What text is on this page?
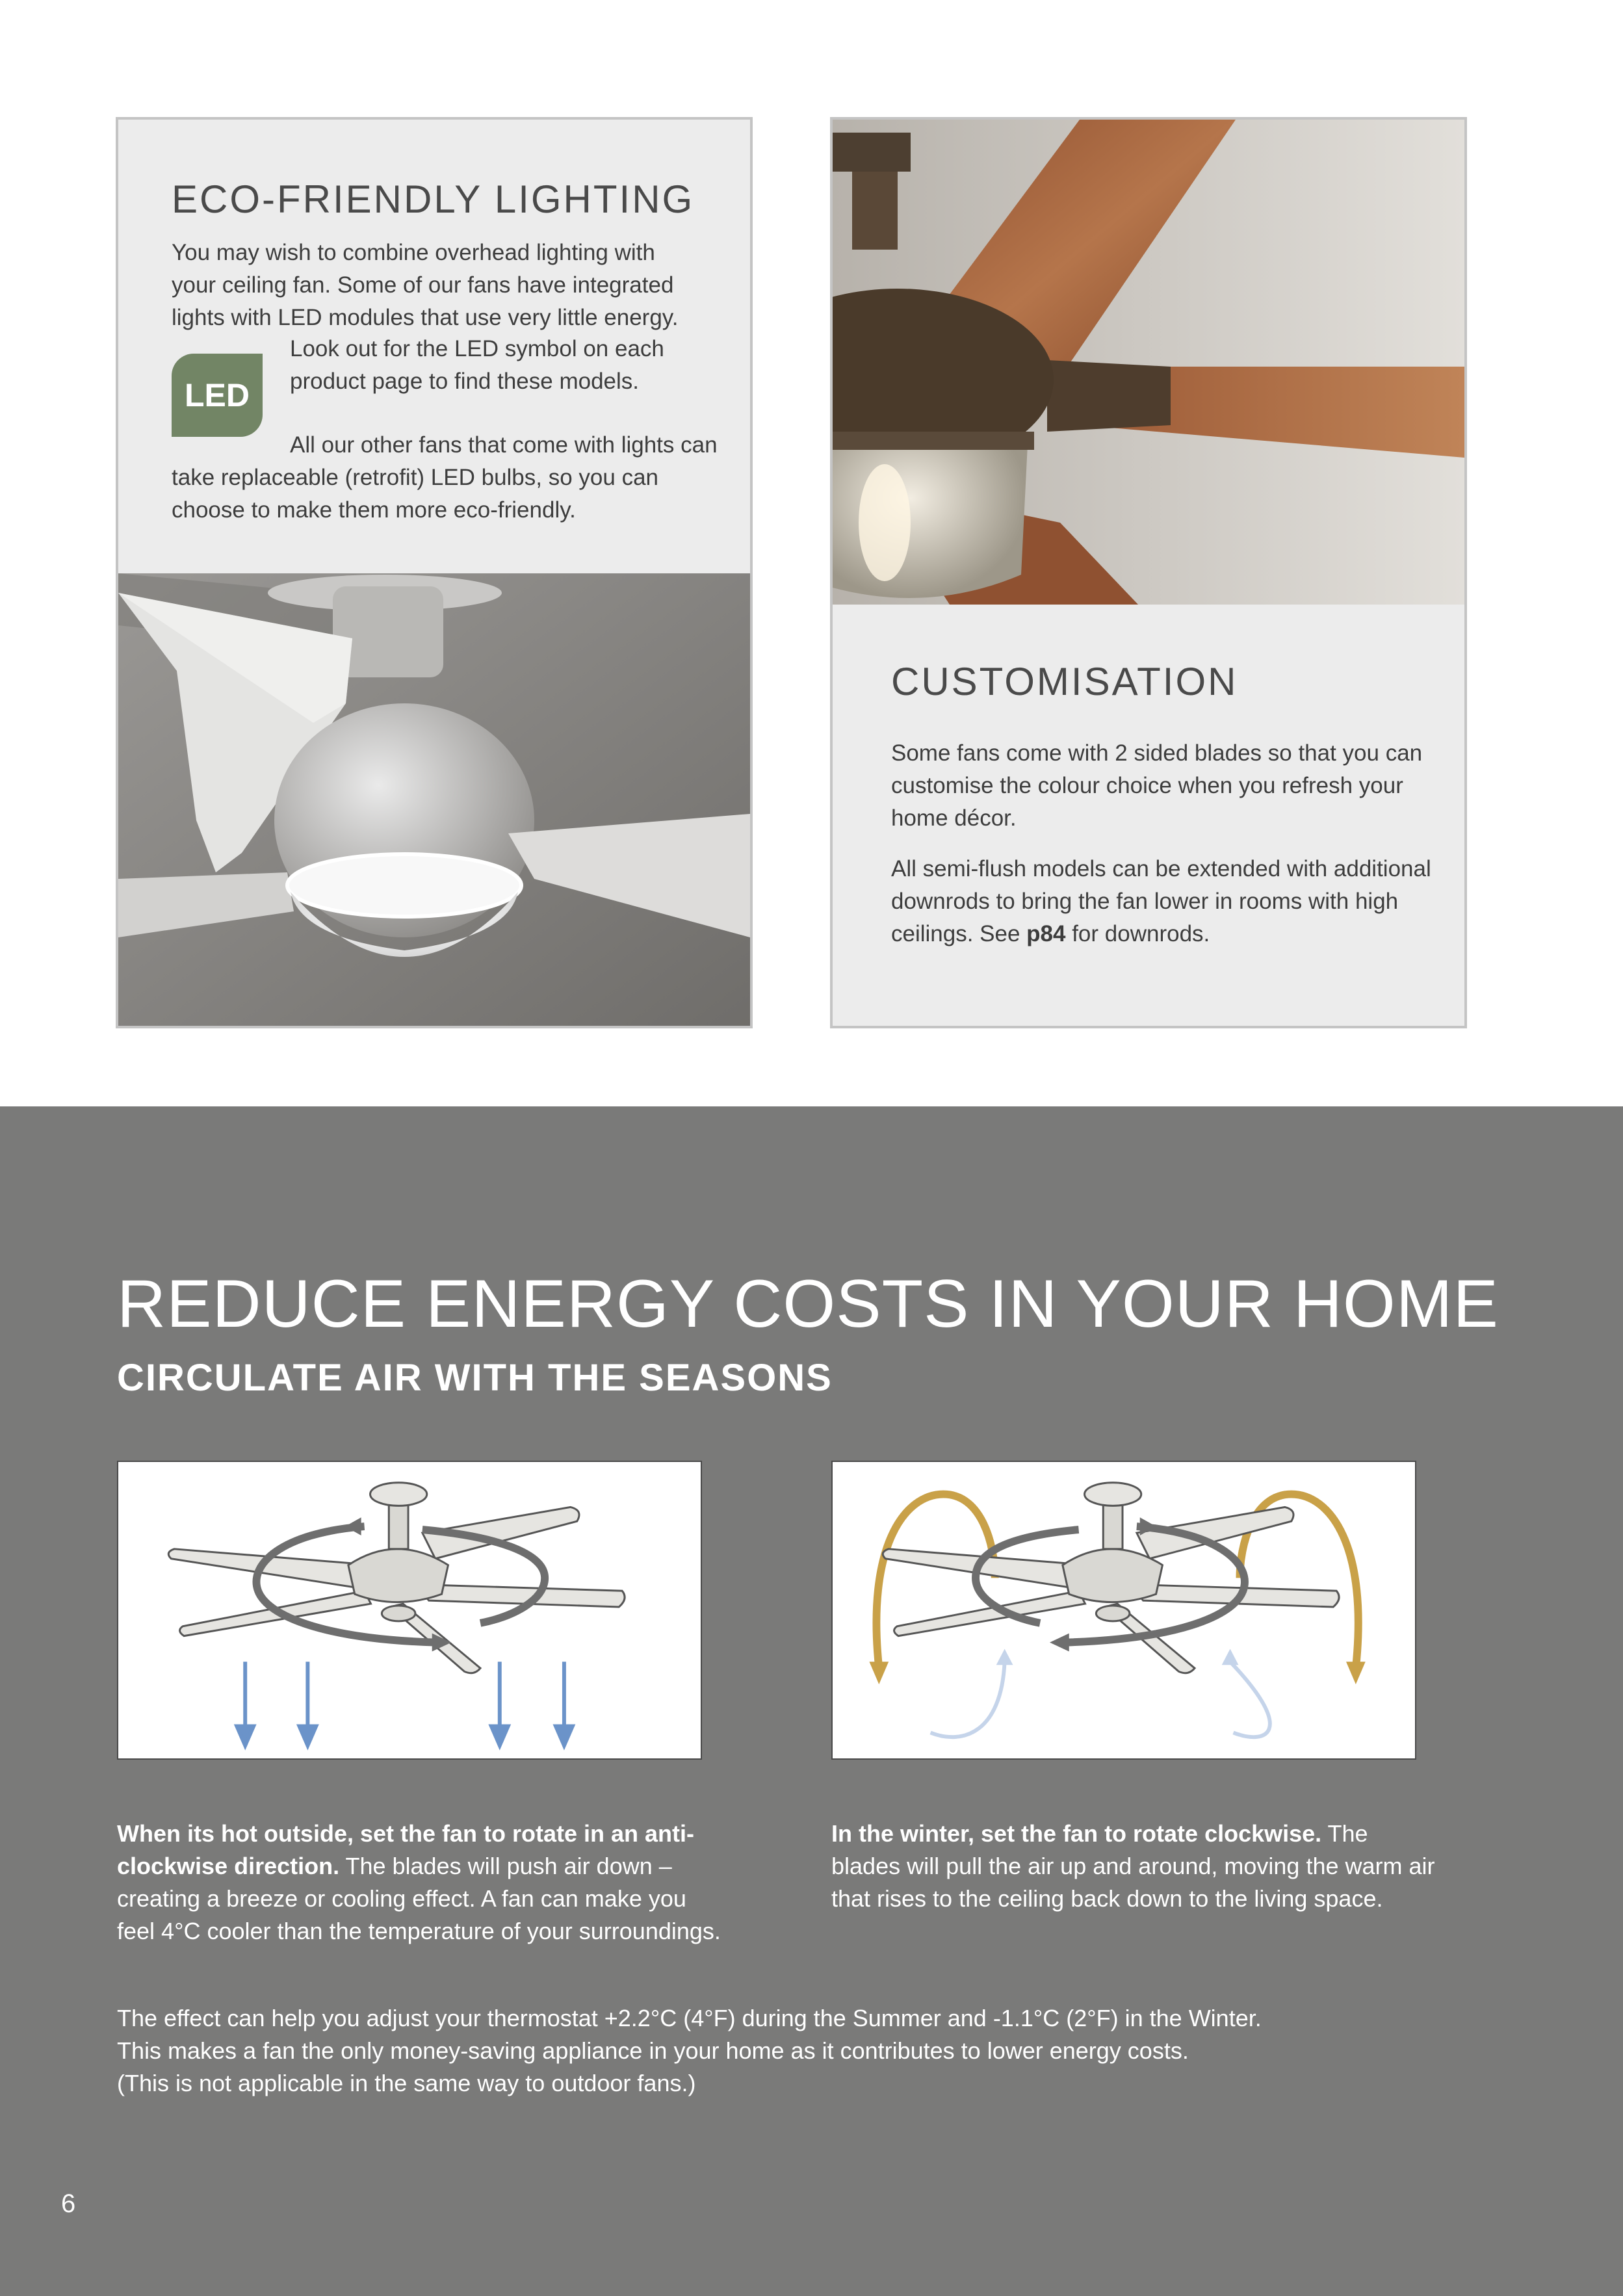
ECO-FRIENDLY LIGHTING

You may wish to combine overhead lighting with your ceiling fan. Some of our fans have integrated lights with LED modules that use very little energy.

LED

Look out for the LED symbol on each product page to find these models.

All our other fans that come with lights can take replaceable (retrofit) LED bulbs, so you can choose to make them more eco-friendly.

CUSTOMISATION

Some fans come with 2 sided blades so that you can customise the colour choice when you refresh your home décor.

All semi-flush models can be extended with additional downrods to bring the fan lower in rooms with high ceilings. See p84 for downrods.

REDUCE ENERGY COSTS IN YOUR HOME
CIRCULATE AIR WITH THE SEASONS

When its hot outside, set the fan to rotate in an anti-clockwise direction. The blades will push air down – creating a breeze or cooling effect. A fan can make you feel 4°C cooler than the temperature of your surroundings.

In the winter, set the fan to rotate clockwise. The blades will pull the air up and around, moving the warm air that rises to the ceiling back down to the living space.

The effect can help you adjust your thermostat +2.2°C (4°F) during the Summer and -1.1°C (2°F) in the Winter.

This makes a fan the only money-saving appliance in your home as it contributes to lower energy costs.

(This is not applicable in the same way to outdoor fans.)

6
